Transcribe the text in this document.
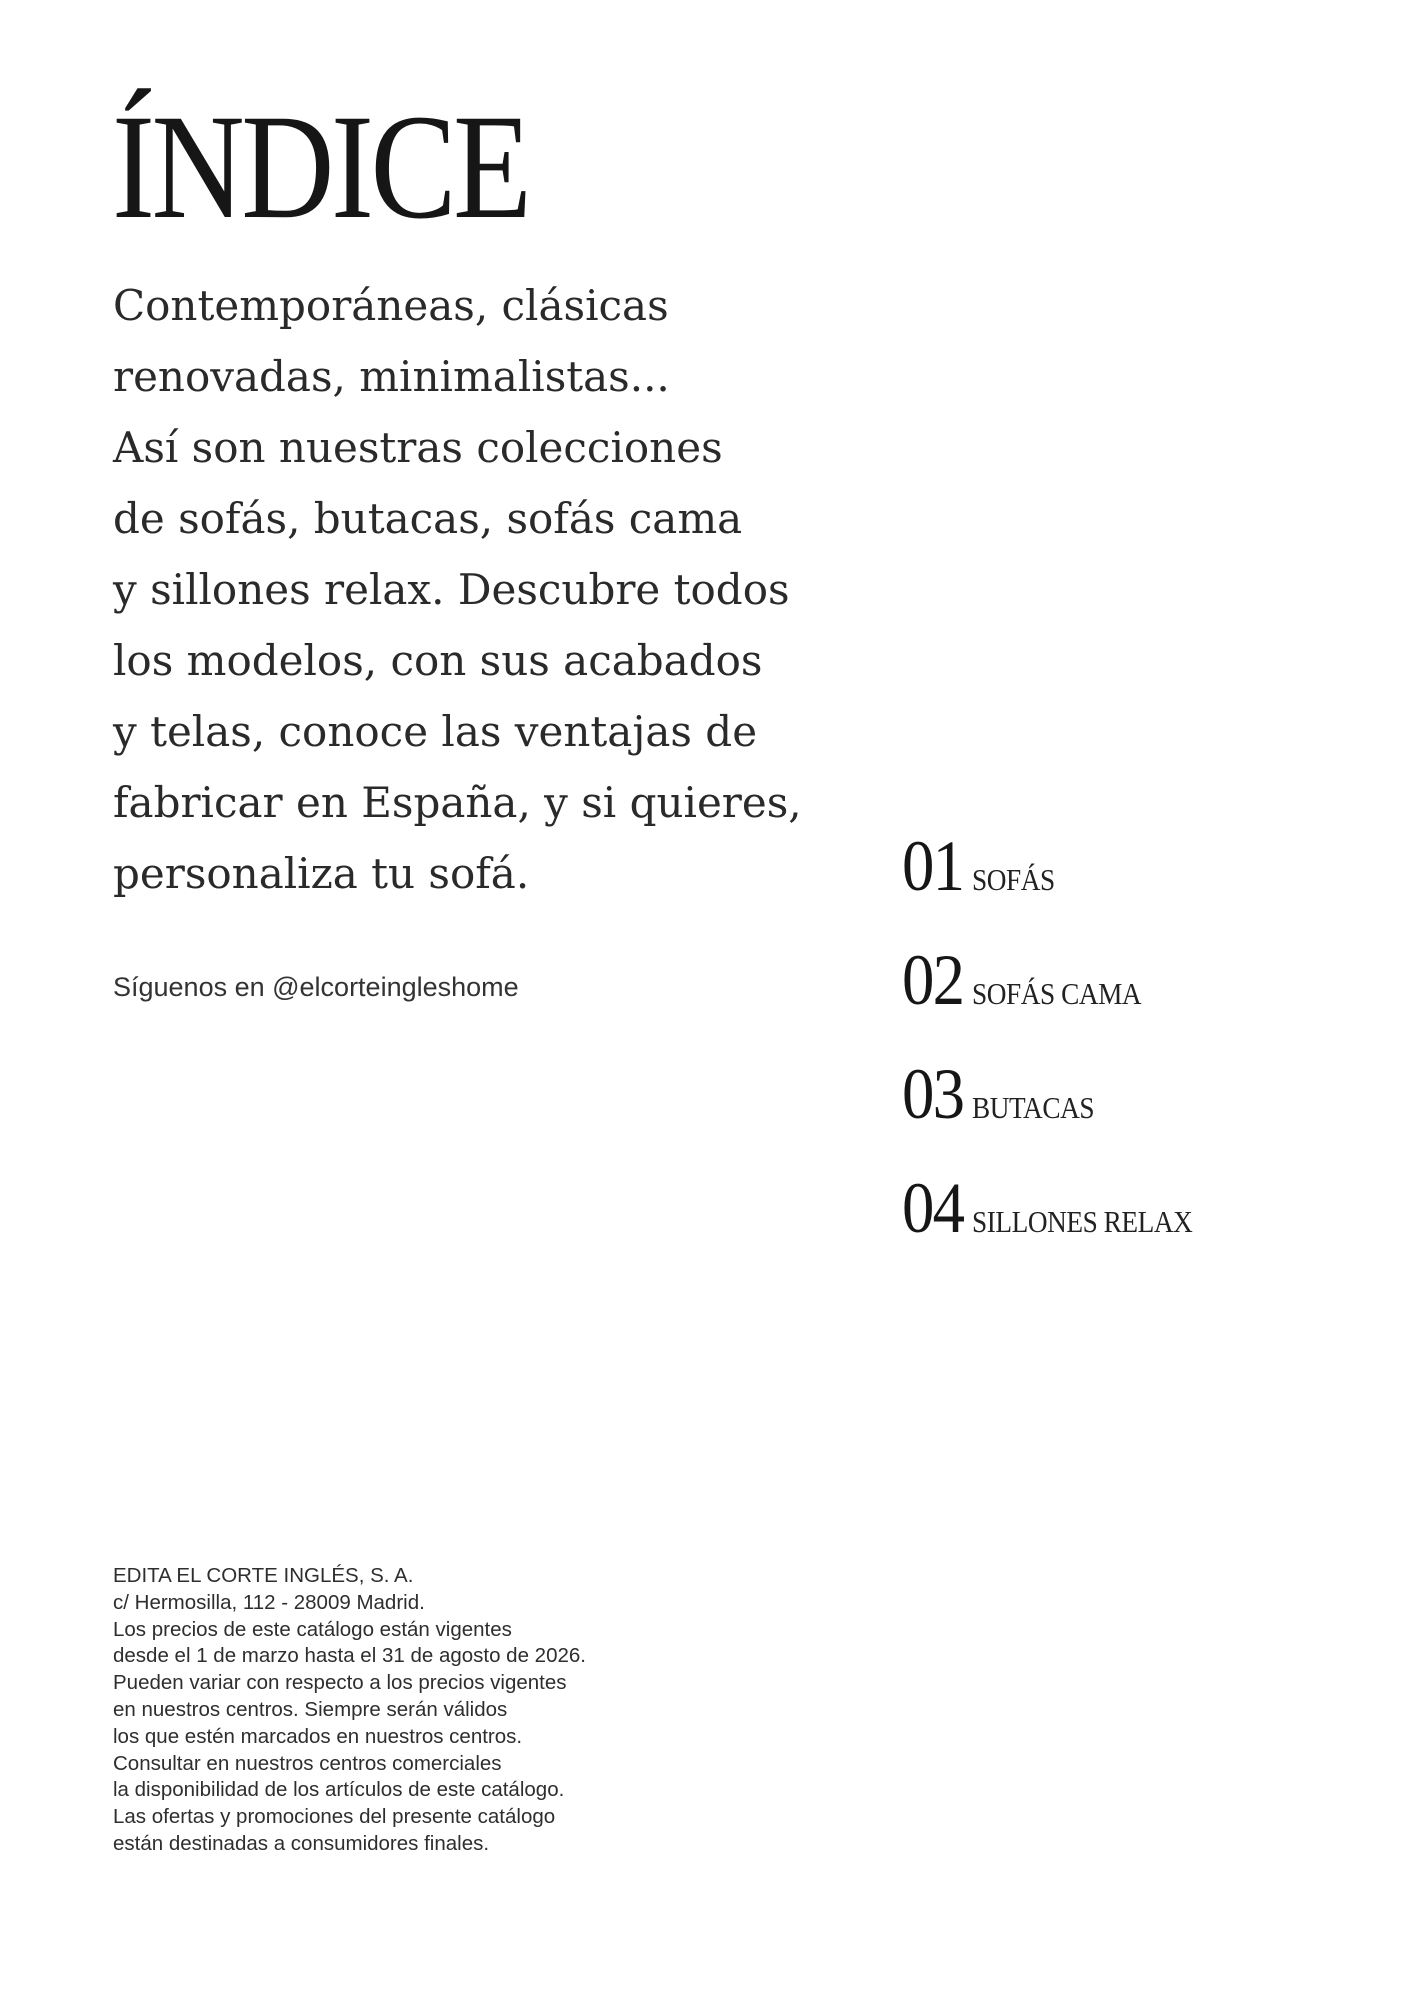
ÍNDICE

Contemporáneas, clásicas
renovadas, minimalistas...
Así son nuestras colecciones
de sofás, butacas, sofás cama
y sillones relax. Descubre todos
los modelos, con sus acabados
y telas, conoce las ventajas de
fabricar en España, y si quieres,
personaliza tu sofá.

Síguenos en @elcorteingleshome

01 SOFÁS
02 SOFÁS CAMA
03 BUTACAS
04 SILLONES RELAX

EDITA EL CORTE INGLÉS, S. A.
c/ Hermosilla, 112 - 28009 Madrid.
Los precios de este catálogo están vigentes
desde el 1 de marzo hasta el 31 de agosto de 2026.
Pueden variar con respecto a los precios vigentes
en nuestros centros. Siempre serán válidos
los que estén marcados en nuestros centros.
Consultar en nuestros centros comerciales
la disponibilidad de los artículos de este catálogo.
Las ofertas y promociones del presente catálogo
están destinadas a consumidores finales.
